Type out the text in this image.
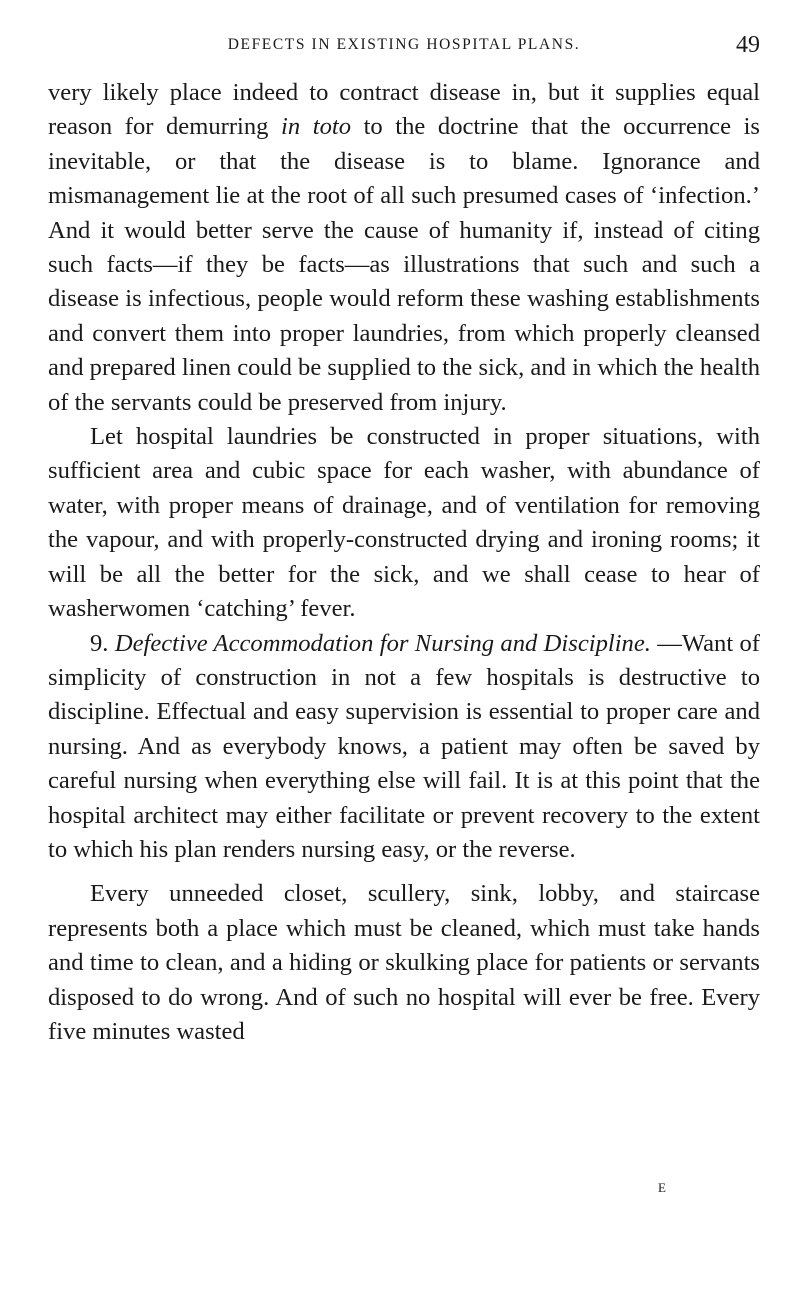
DEFECTS IN EXISTING HOSPITAL PLANS.	49

very likely place indeed to contract disease in, but it supplies equal reason for demurring in toto to the doctrine that the occurrence is inevitable, or that the disease is to blame. Ignorance and mismanagement lie at the root of all such presumed cases of ‘infection.’ And it would better serve the cause of humanity if, instead of citing such facts—if they be facts—as illustrations that such and such a disease is infectious, people would reform these washing establishments and convert them into proper laundries, from which properly cleansed and prepared linen could be supplied to the sick, and in which the health of the servants could be preserved from injury.

Let hospital laundries be constructed in proper situations, with sufficient area and cubic space for each washer, with abundance of water, with proper means of drainage, and of ventilation for removing the vapour, and with properly-constructed drying and ironing rooms; it will be all the better for the sick, and we shall cease to hear of washerwomen ‘catching’ fever.

9. Defective Accommodation for Nursing and Discipline. —Want of simplicity of construction in not a few hospitals is destructive to discipline. Effectual and easy supervision is essential to proper care and nursing. And as everybody knows, a patient may often be saved by careful nursing when everything else will fail. It is at this point that the hospital architect may either facilitate or prevent recovery to the extent to which his plan renders nursing easy, or the reverse.

Every unneeded closet, scullery, sink, lobby, and staircase represents both a place which must be cleaned, which must take hands and time to clean, and a hiding or skulking place for patients or servants disposed to do wrong. And of such no hospital will ever be free. Every five minutes wasted

E
